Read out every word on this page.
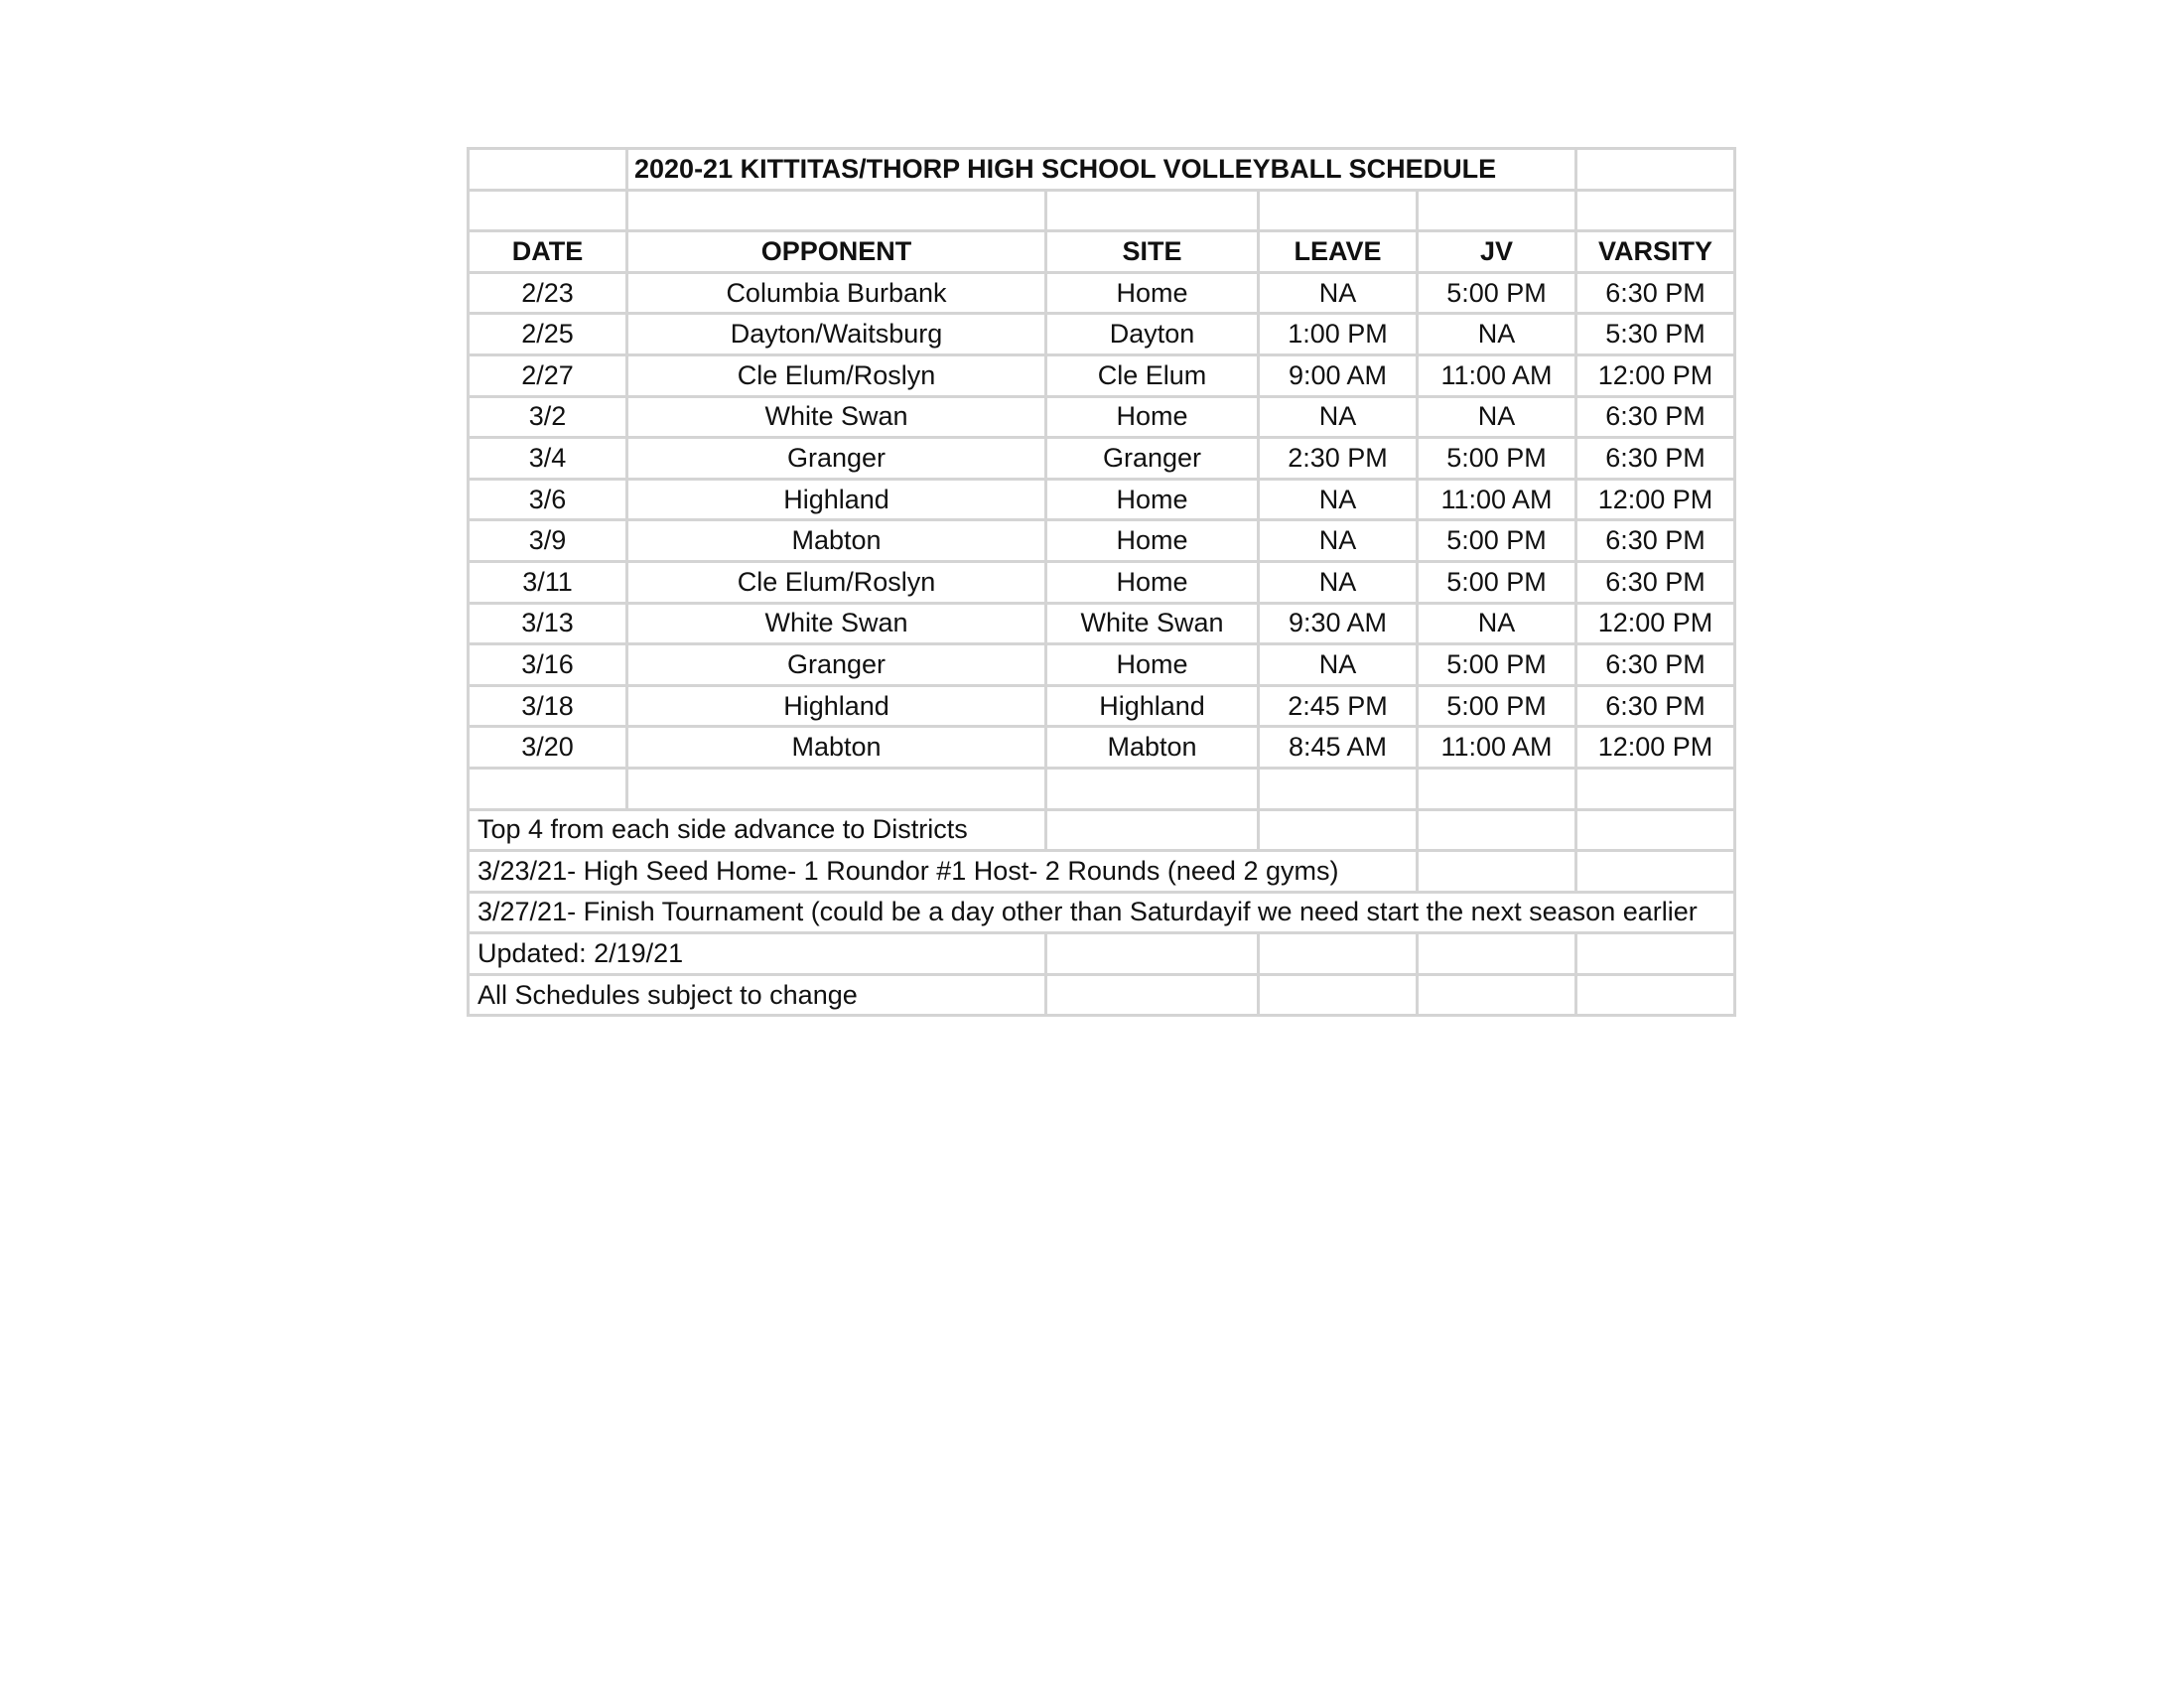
	2020-21 KITTITAS/THORP HIGH SCHOOL VOLLEYBALL SCHEDULE				

DATE	OPPONENT	SITE	LEAVE	JV	VARSITY
2/23	Columbia Burbank	Home	NA	5:00 PM	6:30 PM
2/25	Dayton/Waitsburg	Dayton	1:00 PM	NA	5:30 PM
2/27	Cle Elum/Roslyn	Cle Elum	9:00 AM	11:00 AM	12:00 PM
3/2	White Swan	Home	NA	NA	6:30 PM
3/4	Granger	Granger	2:30 PM	5:00 PM	6:30 PM
3/6	Highland	Home	NA	11:00 AM	12:00 PM
3/9	Mabton	Home	NA	5:00 PM	6:30 PM
3/11	Cle Elum/Roslyn	Home	NA	5:00 PM	6:30 PM
3/13	White Swan	White Swan	9:30 AM	NA	12:00 PM
3/16	Granger	Home	NA	5:00 PM	6:30 PM
3/18	Highland	Highland	2:45 PM	5:00 PM	6:30 PM
3/20	Mabton	Mabton	8:45 AM	11:00 AM	12:00 PM

Top 4 from each side advance to Districts					
3/23/21- High Seed Home- 1 Roundor #1 Host- 2 Rounds (need 2 gyms)					
3/27/21- Finish Tournament (could be a day other than Saturdayif we need start the next season earlier					
Updated: 2/19/21					
All Schedules subject to change					
